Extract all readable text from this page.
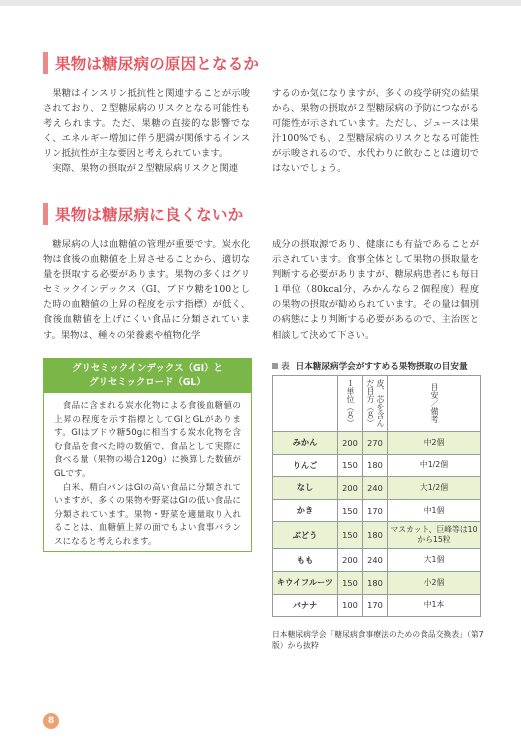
果物は糖尿病の原因となるか

果糖はインスリン抵抗性と関連することが示唆されており、２型糖尿病のリスクとなる可能性も考えられます。ただ、果糖の直接的な影響でなく、エネルギー増加に伴う肥満が関係するインスリン抵抗性が主な要因と考えられています。

実際、果物の摂取が２型糖尿病リスクと関連

するのか気になりますが、多くの疫学研究の結果から、果物の摂取が２型糖尿病の予防につながる可能性が示されています。ただし、ジュースは果汁100%でも、２型糖尿病のリスクとなる可能性が示唆されるので、水代わりに飲むことは適切ではないでしょう。

果物は糖尿病に良くないか

糖尿病の人は血糖値の管理が重要です。炭水化物は食後の血糖値を上昇させることから、適切な量を摂取する必要があります。果物の多くはグリセミックインデックス（GI、ブドウ糖を100とした時の血糖値の上昇の程度を示す指標）が低く、食後血糖値を上げにくい食品に分類されています。果物は、種々の栄養素や植物化学

成分の摂取源であり、健康にも有益であることが示されています。食事全体として果物の摂取量を判断する必要がありますが、糖尿病患者にも毎日１単位（80kcal分、みかんなら２個程度）程度の果物の摂取が勧められています。その量は個別の病態により判断する必要があるので、主治医と相談して決めて下さい。

グリセミックインデックス（GI）と
グリセミックロード（GL）

食品に含まれる炭水化物による食後血糖値の上昇の程度を示す指標としてGIとGLがあります。GIはブドウ糖50gに相当する炭水化物を含む食品を食べた時の数値で、食品として実際に食べる量（果物の場合120g）に換算した数値がGLです。

白米、精白パンはGIの高い食品に分類されていますが、多くの果物や野菜はGIの低い食品に分類されています。果物・野菜を適量取り入れることは、血糖値上昇の面でもよい食事バランスになると考えられます。

表 日本糖尿病学会がすすめる果物摂取の目安量
	１単位（ｇ）	皮、芯を含んだ目方（ｇ）	目安／備考
みかん	200	270	中2個
りんご	150	180	中1/2個
なし	200	240	大1/2個
かき	150	170	中1個
ぶどう	150	180	マスカット、巨峰等は10から15粒
もも	200	240	大1個
キウイフルーツ	150	180	小2個
バナナ	100	170	中1本
日本糖尿病学会「糖尿病食事療法のための食品交換表」（第7版）から抜粋
8
